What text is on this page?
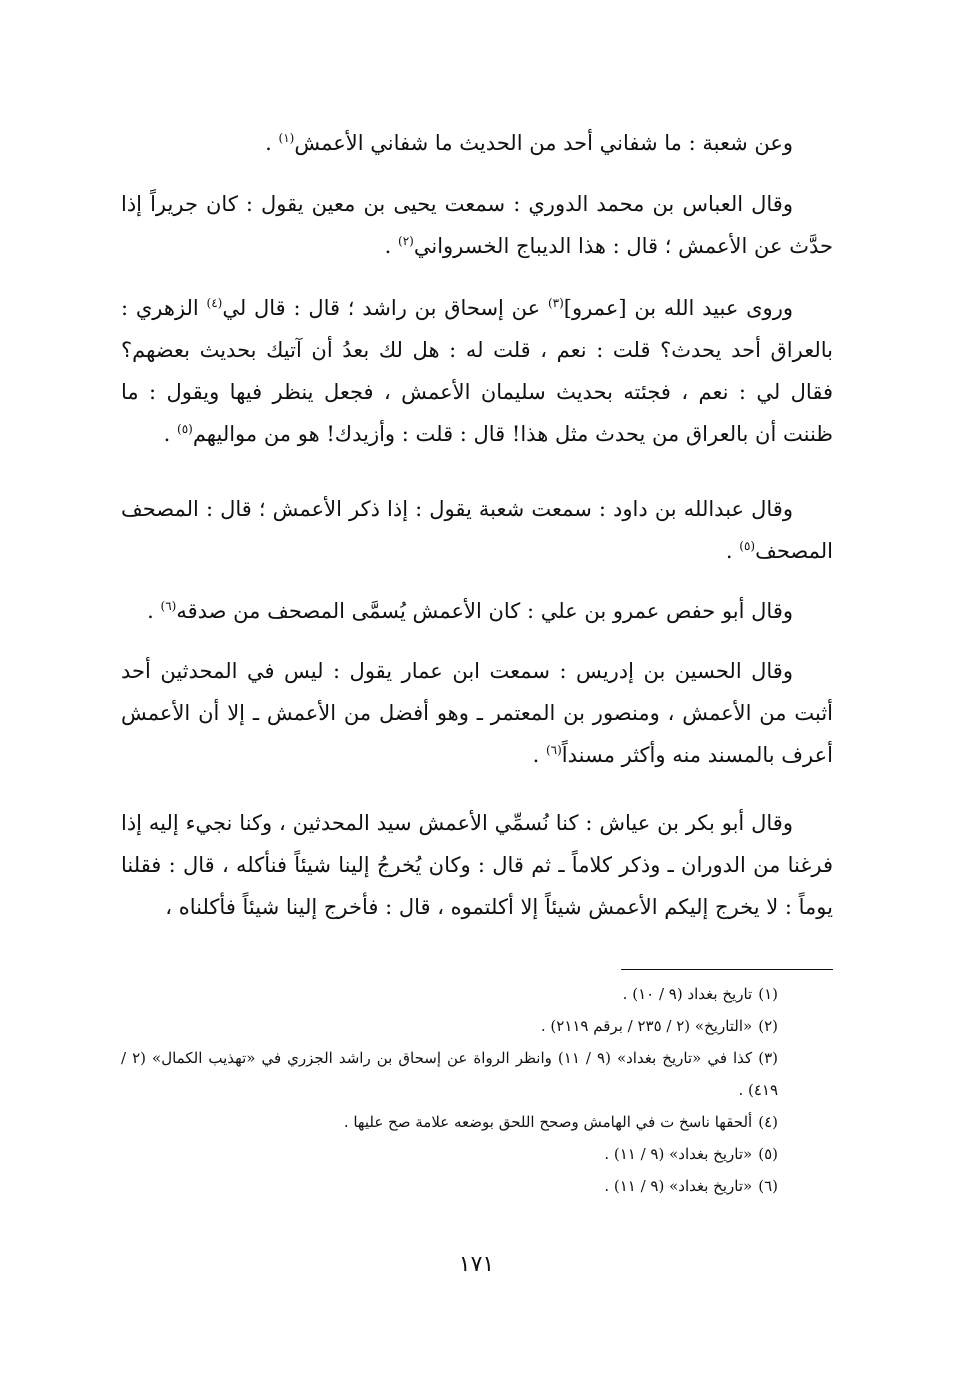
وعن شعبة : ما شفاني أحد من الحديث ما شفاني الأعمش$^{(١)}$ .

وقال العباس بن محمد الدوري : سمعت يحيى بن معين يقول : كان جريراً إذا حدَّث عن الأعمش ؛ قال : هذا الديباج الخسرواني$^{(٢)}$ .

وروى عبيد الله بن [عمرو]$^{(٣)}$ عن إسحاق بن راشد ؛ قال : قال لي$^{(٤)}$ الزهري : بالعراق أحد يحدث؟ قلت : نعم ، قلت له : هل لك بعدُ أن آتيك بحديث بعضهم؟ فقال لي : نعم ، فجئته بحديث سليمان الأعمش ، فجعل ينظر فيها ويقول : ما ظننت أن بالعراق من يحدث مثل هذا! قال : قلت : وأزيدك! هو من مواليهم$^{(٥)}$ .

وقال عبدالله بن داود : سمعت شعبة يقول : إذا ذكر الأعمش ؛ قال : المصحف المصحف$^{(٥)}$ .

وقال أبو حفص عمرو بن علي : كان الأعمش يُسمَّى المصحف من صدقه$^{(٦)}$ .

وقال الحسين بن إدريس : سمعت ابن عمار يقول : ليس في المحدثين أحد أثبت من الأعمش ، ومنصور بن المعتمر ـ وهو أفضل من الأعمش ـ إلا أن الأعمش أعرف بالمسند منه وأكثر مسنداً$^{(٦)}$ .

وقال أبو بكر بن عياش : كنا نُسمِّي الأعمش سيد المحدثين ، وكنا نجيء إليه إذا فرغنا من الدوران ـ وذكر كلاماً ـ ثم قال : وكان يُخرجُ إلينا شيئاً فنأكله ، قال : فقلنا يوماً : لا يخرج إليكم الأعمش شيئاً إلا أكلتموه ، قال : فأخرج إلينا شيئاً فأكلناه ،

(١)تاريخ بغداد (٩ / ١٠) .

(٢)«التاريخ» (٢ / ٢٣٥ / برقم ٢١١٩) .

(٣)كذا في «تاريخ بغداد» (٩ / ١١) وانظر الرواة عن إسحاق بن راشد الجزري في «تهذيب الكمال» (٢ / ٤١٩) .

(٤)ألحقها ناسخ ت في الهامش وصحح اللحق بوضعه علامة صح عليها .

(٥)«تاريخ بغداد» (٩ / ١١) .

(٦)«تاريخ بغداد» (٩ / ١١) .

١٧١
